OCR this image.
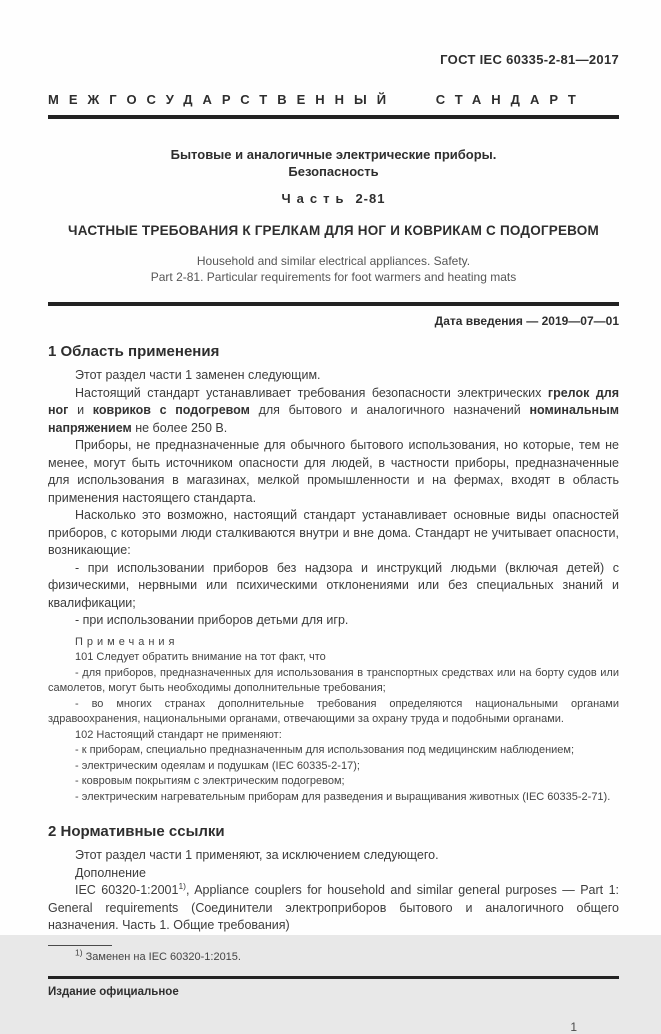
ГОСТ IEC 60335-2-81—2017
МЕЖГОСУДАРСТВЕННЫЙ СТАНДАРТ
Бытовые и аналогичные электрические приборы.
Безопасность
Часть 2-81
ЧАСТНЫЕ ТРЕБОВАНИЯ К ГРЕЛКАМ ДЛЯ НОГ И КОВРИКАМ С ПОДОГРЕВОМ
Household and similar electrical appliances. Safety.
Part 2-81. Particular requirements for foot warmers and heating mats
Дата введения — 2019—07—01
1 Область применения

Этот раздел части 1 заменен следующим.

Настоящий стандарт устанавливает требования безопасности электрических грелок для ног и ковриков с подогревом для бытового и аналогичного назначений номинальным напряжением не более 250 В.

Приборы, не предназначенные для обычного бытового использования, но которые, тем не менее, могут быть источником опасности для людей, в частности приборы, предназначенные для использования в магазинах, мелкой промышленности и на фермах, входят в область применения настоящего стандарта.

Насколько это возможно, настоящий стандарт устанавливает основные виды опасностей приборов, с которыми люди сталкиваются внутри и вне дома. Стандарт не учитывает опасности, возникающие:

- при использовании приборов без надзора и инструкций людьми (включая детей) с физическими, нервными или психическими отклонениями или без специальных знаний и квалификации;

- при использовании приборов детьми для игр.

Примечания

101 Следует обратить внимание на тот факт, что

- для приборов, предназначенных для использования в транспортных средствах или на борту судов или самолетов, могут быть необходимы дополнительные требования;

- во многих странах дополнительные требования определяются национальными органами здравоохранения, национальными органами, отвечающими за охрану труда и подобными органами.

102 Настоящий стандарт не применяют:

- к приборам, специально предназначенным для использования под медицинским наблюдением;

- электрическим одеялам и подушкам (IEC 60335-2-17);

- ковровым покрытиям с электрическим подогревом;

- электрическим нагревательным приборам для разведения и выращивания животных (IEC 60335-2-71).

2 Нормативные ссылки

Этот раздел части 1 применяют, за исключением следующего.

Дополнение

IEC 60320-1:2001$^{1)}$, Appliance couplers for household and similar general purposes — Part 1: General requirements (Соединители электроприборов бытового и аналогичного общего назначения. Часть 1. Общие требования)

$^{1)}$ Заменен на IEC 60320-1:2015.

Издание официальное
1
